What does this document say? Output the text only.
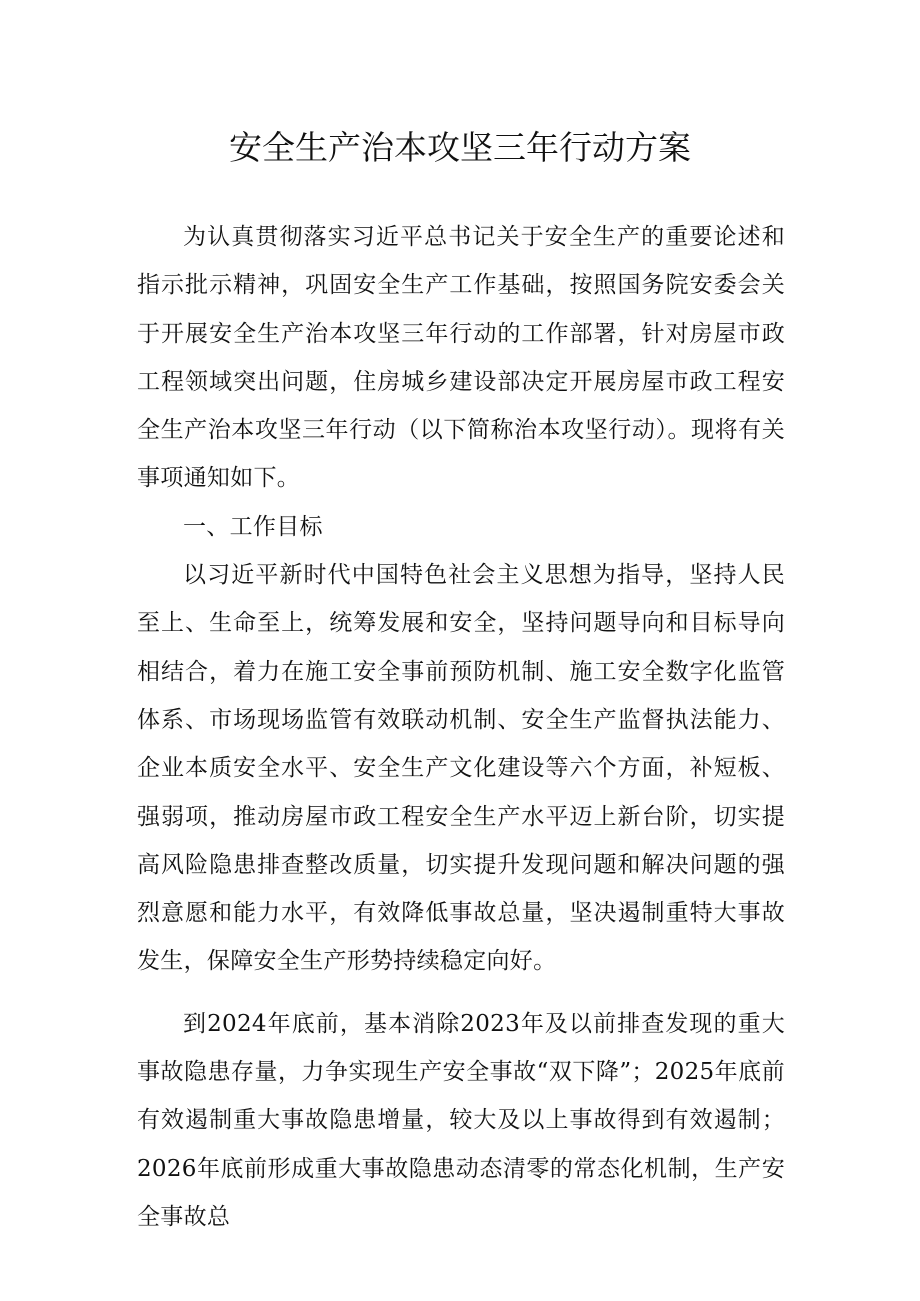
安全生产治本攻坚三年行动方案

为认真贯彻落实习近平总书记关于安全生产的重要论述和指示批示精神，巩固安全生产工作基础，按照国务院安委会关于开展安全生产治本攻坚三年行动的工作部署，针对房屋市政工程领域突出问题，住房城乡建设部决定开展房屋市政工程安全生产治本攻坚三年行动（以下简称治本攻坚行动）。现将有关事项通知如下。

一、工作目标

以习近平新时代中国特色社会主义思想为指导，坚持人民至上、生命至上，统筹发展和安全，坚持问题导向和目标导向相结合，着力在施工安全事前预防机制、施工安全数字化监管体系、市场现场监管有效联动机制、安全生产监督执法能力、企业本质安全水平、安全生产文化建设等六个方面，补短板、强弱项，推动房屋市政工程安全生产水平迈上新台阶，切实提高风险隐患排查整改质量，切实提升发现问题和解决问题的强烈意愿和能力水平，有效降低事故总量，坚决遏制重特大事故发生，保障安全生产形势持续稳定向好。

到2024年底前，基本消除2023年及以前排查发现的重大事故隐患存量，力争实现生产安全事故“双下降”；2025年底前有效遏制重大事故隐患增量，较大及以上事故得到有效遏制；2026年底前形成重大事故隐患动态清零的常态化机制，生产安全事故总
